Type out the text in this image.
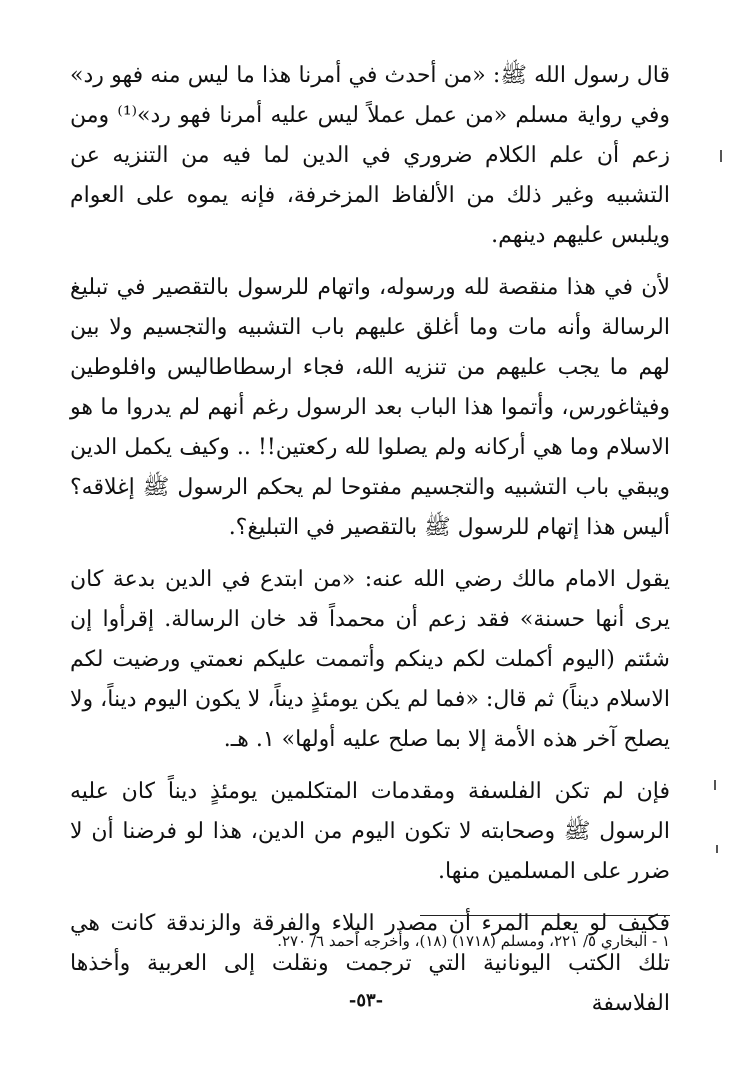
قال رسول الله ﷺ: «من أحدث في أمرنا هذا ما ليس منه فهو رد» وفي رواية مسلم «من عمل عملاً ليس عليه أمرنا فهو رد»⁽¹⁾ ومن زعم أن علم الكلام ضروري في الدين لما فيه من التنزيه عن التشبيه وغير ذلك من الألفاظ المزخرفة، فإنه يموه على العوام ويلبس عليهم دينهم.

لأن في هذا منقصة لله ورسوله، واتهام للرسول بالتقصير في تبليغ الرسالة وأنه مات وما أغلق عليهم باب التشبيه والتجسيم ولا بين لهم ما يجب عليهم من تنزيه الله، فجاء ارسطاطاليس وافلوطين وفيثاغورس، وأتموا هذا الباب بعد الرسول رغم أنهم لم يدروا ما هو الاسلام وما هي أركانه ولم يصلوا لله ركعتين!! .. وكيف يكمل الدين ويبقي باب التشبيه والتجسيم مفتوحا لم يحكم الرسول ﷺ إغلاقه؟ أليس هذا إتهام للرسول ﷺ بالتقصير في التبليغ؟.

يقول الامام مالك رضي الله عنه: «من ابتدع في الدين بدعة كان يرى أنها حسنة» فقد زعم أن محمداً قد خان الرسالة. إقرأوا إن شئتم (اليوم أكملت لكم دينكم وأتممت عليكم نعمتي ورضيت لكم الاسلام ديناً) ثم قال: «فما لم يكن يومئذٍ ديناً، لا يكون اليوم ديناً، ولا يصلح آخر هذه الأمة إلا بما صلح عليه أولها» ١. هـ.

فإن لم تكن الفلسفة ومقدمات المتكلمين يومئذٍ ديناً كان عليه الرسول ﷺ وصحابته لا تكون اليوم من الدين، هذا لو فرضنا أن لا ضرر على المسلمين منها.

فكيف لو يعلم المرء أن مصدر البلاء والفرقة والزندقة كانت هي تلك الكتب اليونانية التي ترجمت ونقلت إلى العربية وأخذها الفلاسفة

١ - البخاري ٥/ ٢٢١، ومسلم (١٧١٨) (١٨)، وأخرجه أحمد ٦/ ٢٧٠.
-٥٣-
